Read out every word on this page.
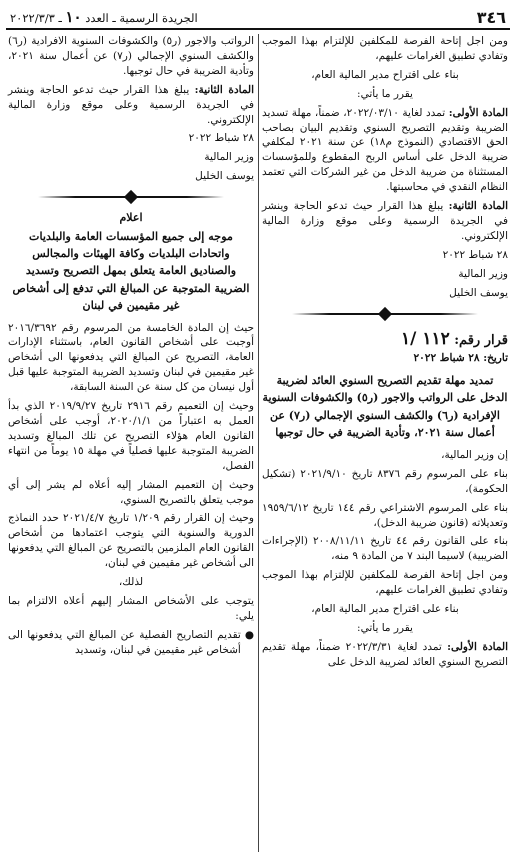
٣٤٦
الجريدة الرسمية ـ العدد ١٠ ـ ٢٠٢٢/٣/٣

ومن اجل إتاحة الفرصة للمكلفين للإلتزام بهذا الموجب وتفادي تطبيق الغرامات عليهم،

بناء على اقتراح مدير المالية العام،

يقرر ما يأتي:

المادة الأولى: تمدد لغاية ٢٠٢٢/٠٣/١٠، ضمناً، مهلة تسديد الضريبة وتقديم التصريح السنوي وتقديم البيان بصاحب الحق الاقتصادي (النموذج م١٨) عن سنة ٢٠٢١ لمكلفي ضريبة الدخل على أساس الربح المقطوع وللمؤسسات المستثناة من ضريبة الدخل من غير الشركات التي تعتمد النظام النقدي في محاسبتها.

المادة الثانية: يبلغ هذا القرار حيث تدعو الحاجة وينشر في الجريدة الرسمية وعلى موقع وزارة المالية الإلكتروني.

٢٨ شباط ٢٠٢٢

وزير المالية

يوسف الخليل

قرار رقم: ١١٢ /١
تاريخ: ٢٨ شباط ٢٠٢٢
تمديد مهلة تقديم التصريح السنوي العائد لضريبة الدخل على الرواتب والاجور (ر٥) والكشوفات السنوية الإفرادية (ر٦) والكشف السنوي الإجمالي (ر٧) عن أعمال سنة ٢٠٢١، وتأدية الضريبة في حال توجبها

إن وزير المالية،

بناء على المرسوم رقم ٨٣٧٦ تاريخ ٢٠٢١/٩/١٠ (تشكيل الحكومة)،

بناء على المرسوم الاشتراعي رقم ١٤٤ تاريخ ١٩٥٩/٦/١٢ وتعديلاته (قانون ضريبة الدخل)،

بناء على القانون رقم ٤٤ تاريخ ٢٠٠٨/١١/١١ (الإجراءات الضريبية) لاسيما البند ٧ من المادة ٩ منه،

ومن اجل إتاحة الفرصة للمكلفين للإلتزام بهذا الموجب وتفادي تطبيق الغرامات عليهم،

بناء على اقتراح مدير المالية العام،

يقرر ما يأتي:

المادة الأولى: تمدد لغاية ٢٠٢٢/٣/٣١ ضمناً، مهلة تقديم التصريح السنوي العائد لضريبة الدخل على

الرواتب والاجور (ر٥) والكشوفات السنوية الافرادية (ر٦) والكشف السنوي الإجمالي (ر٧) عن أعمال سنة ٢٠٢١، وتأدية الضريبة في حال توجبها.

المادة الثانية: يبلغ هذا القرار حيث تدعو الحاجة وينشر في الجريدة الرسمية وعلى موقع وزارة المالية الإلكتروني.

٢٨ شباط ٢٠٢٢

وزير المالية

يوسف الخليل

اعلام
موجه إلى جميع المؤسسات العامة والبلديات واتحادات البلديات وكافة الهيئات والمجالس والصناديق العامة يتعلق بمهل التصريح وتسديد الضريبة المتوجبة عن المبالغ التي تدفع إلى أشخاص غير مقيمين في لبنان

حيث إن المادة الخامسة من المرسوم رقم ٢٠١٦/٣٦٩٢ أوجبت على أشخاص القانون العام، باستثناء الإدارات العامة، التصريح عن المبالغ التي يدفعونها الى أشخاص غير مقيمين في لبنان وتسديد الضريبة المتوجبة عليها قبل أول نيسان من كل سنة عن السنة السابقة،

وحيث إن التعميم رقم ٢٩١٦ تاريخ ٢٠١٩/٩/٢٧ الذي بدأ العمل به اعتباراً من ٢٠٢٠/١/١، أوجب على أشخاص القانون العام هؤلاء التصريح عن تلك المبالغ وتسديد الضريبة المتوجبة عليها فصلياً في مهلة ١٥ يوماً من انتهاء الفصل،

وحيث إن التعميم المشار إليه أعلاه لم يشر إلى أي موجب يتعلق بالتصريح السنوي،

وحيث إن القرار رقم ١/٢٠٩ تاريخ ٢٠٢١/٤/٧ حدد النماذج الدورية والسنوية التي يتوجب اعتمادها من أشخاص القانون العام الملزمين بالتصريح عن المبالغ التي يدفعونها الى أشخاص غير مقيمين في لبنان،

لذلك،

يتوجب على الأشخاص المشار إليهم أعلاه الالتزام بما يلي:

●
تقديم التصاريح الفصلية عن المبالغ التي يدفعونها الى أشخاص غير مقيمين في لبنان، وتسديد
